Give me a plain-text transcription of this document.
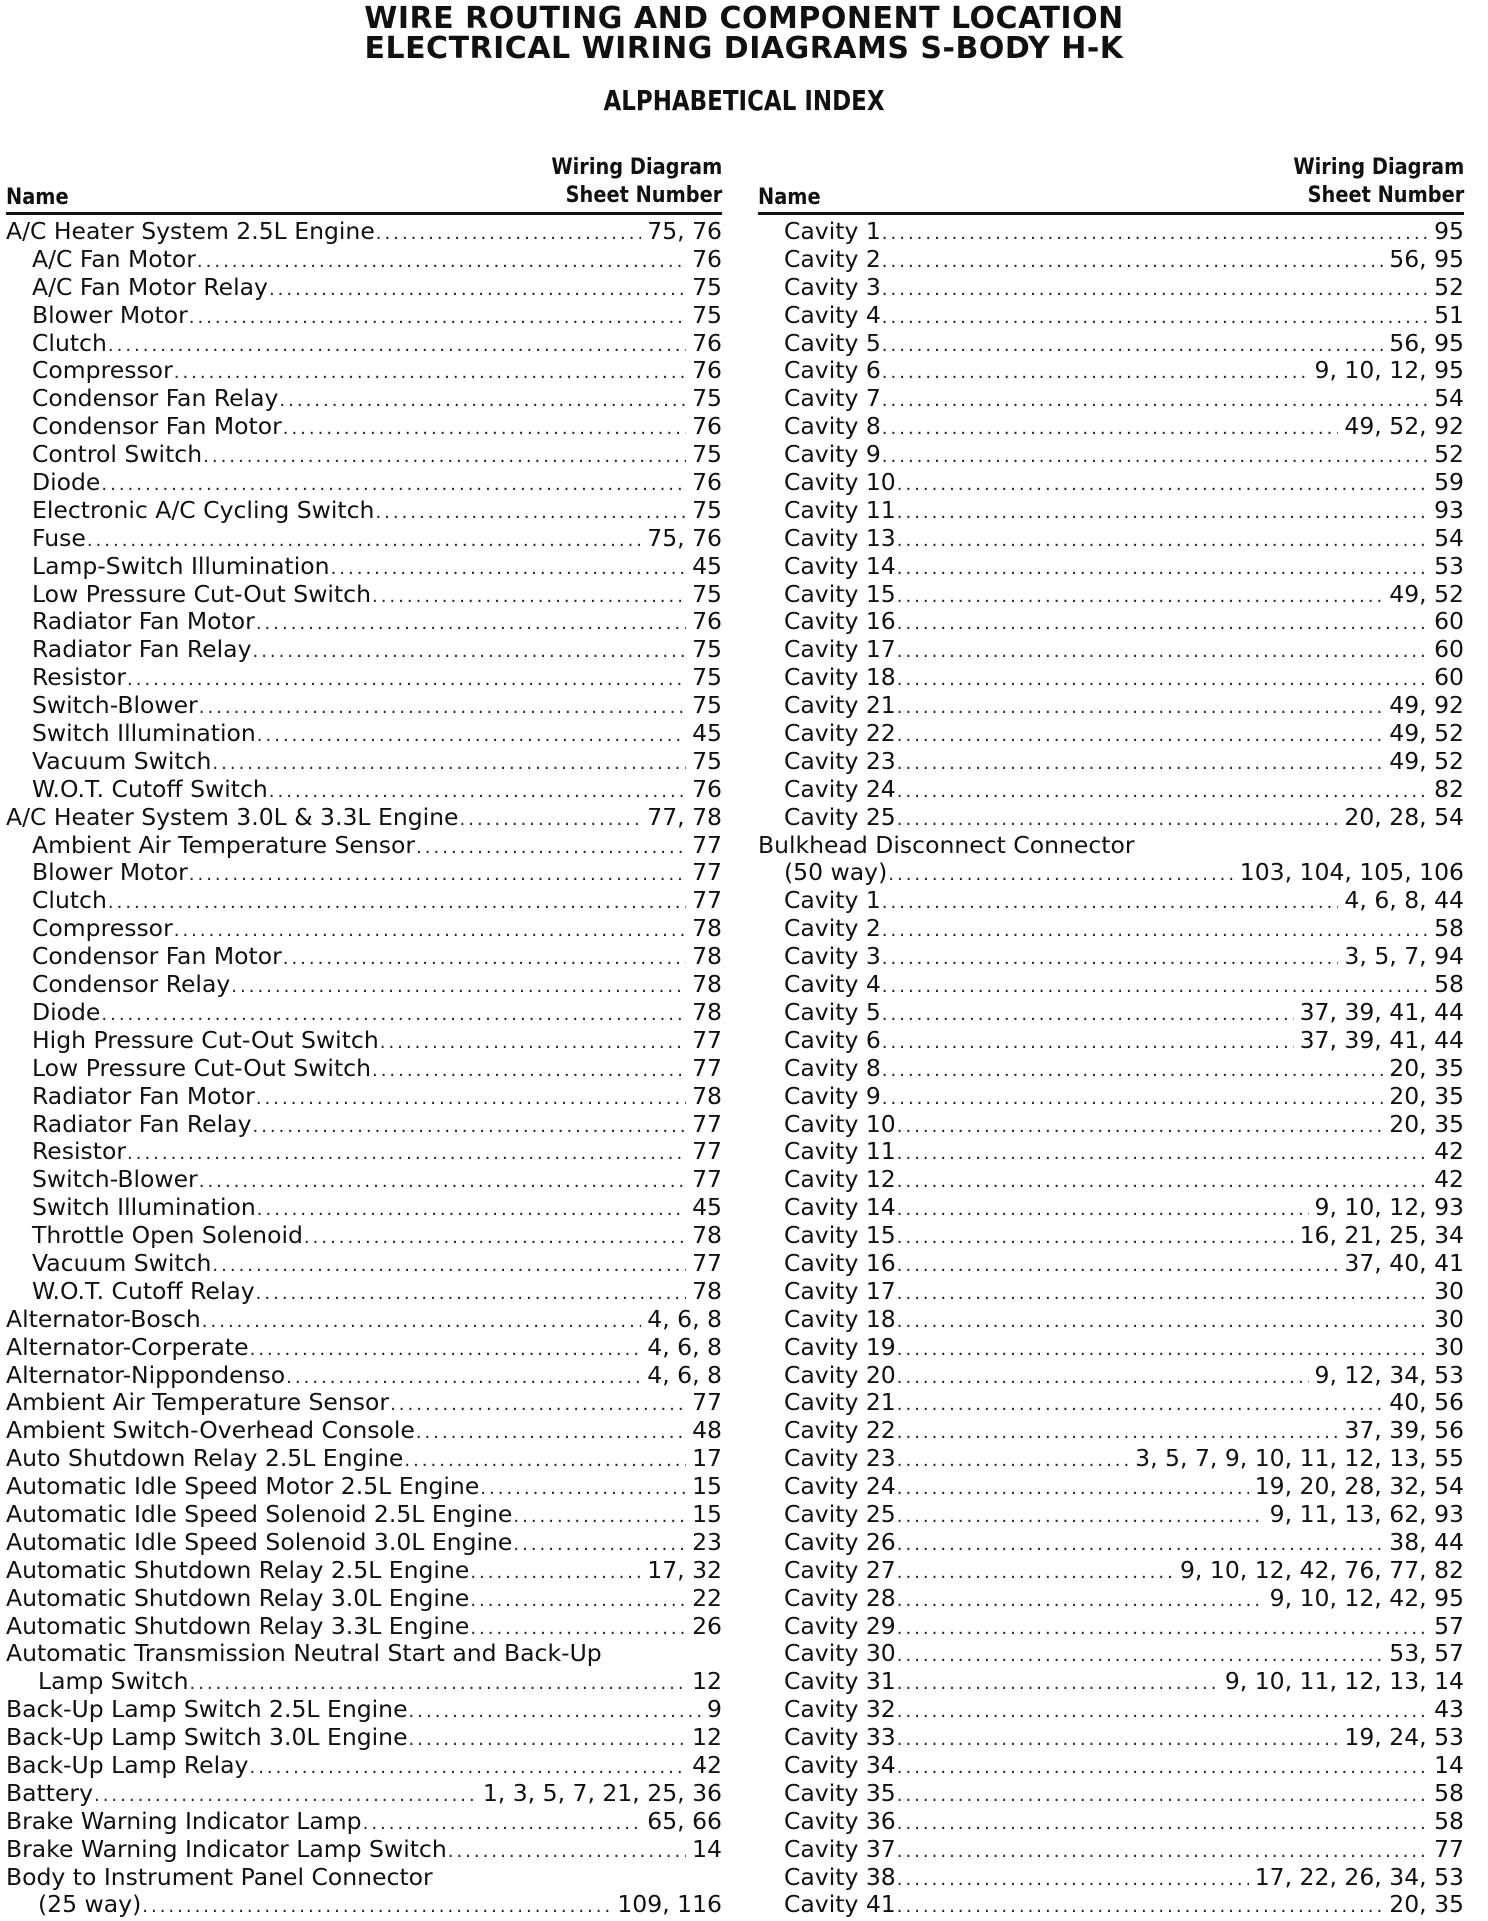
WIRE ROUTING AND COMPONENT LOCATION
ELECTRICAL WIRING DIAGRAMS S-BODY H-K
ALPHABETICAL INDEX
Name
Wiring Diagram
Sheet Number
A/C Heater System 2.5L Engine .....	75, 76
A/C Fan Motor .....	76
A/C Fan Motor Relay .....	75
Blower Motor .....	75
Clutch .....	76
Compressor .....	76
Condensor Fan Relay .....	75
Condensor Fan Motor .....	76
Control Switch .....	75
Diode .....	76
Electronic A/C Cycling Switch .....	75
Fuse .....	75, 76
Lamp-Switch Illumination .....	45
Low Pressure Cut-Out Switch .....	75
Radiator Fan Motor .....	76
Radiator Fan Relay .....	75
Resistor .....	75
Switch-Blower .....	75
Switch Illumination .....	45
Vacuum Switch .....	75
W.O.T. Cutoff Switch .....	76
A/C Heater System 3.0L & 3.3L Engine .....	77, 78
Ambient Air Temperature Sensor .....	77
Blower Motor .....	77
Clutch .....	77
Compressor .....	78
Condensor Fan Motor .....	78
Condensor Relay .....	78
Diode .....	78
High Pressure Cut-Out Switch .....	77
Low Pressure Cut-Out Switch .....	77
Radiator Fan Motor .....	78
Radiator Fan Relay .....	77
Resistor .....	77
Switch-Blower .....	77
Switch Illumination .....	45
Throttle Open Solenoid .....	78
Vacuum Switch .....	77
W.O.T. Cutoff Relay .....	78
Alternator-Bosch .....	4, 6, 8
Alternator-Corperate .....	4, 6, 8
Alternator-Nippondenso .....	4, 6, 8
Ambient Air Temperature Sensor .....	77
Ambient Switch-Overhead Console .....	48
Auto Shutdown Relay 2.5L Engine .....	17
Automatic Idle Speed Motor 2.5L Engine .....	15
Automatic Idle Speed Solenoid 2.5L Engine .....	15
Automatic Idle Speed Solenoid 3.0L Engine .....	23
Automatic Shutdown Relay 2.5L Engine .....	17, 32
Automatic Shutdown Relay 3.0L Engine .....	22
Automatic Shutdown Relay 3.3L Engine .....	26
Automatic Transmission Neutral Start and Back-Up
Lamp Switch .....	12
Back-Up Lamp Switch 2.5L Engine .....	9
Back-Up Lamp Switch 3.0L Engine .....	12
Back-Up Lamp Relay .....	42
Battery .....	1, 3, 5, 7, 21, 25, 36
Brake Warning Indicator Lamp .....	65, 66
Brake Warning Indicator Lamp Switch .....	14
Body to Instrument Panel Connector
(25 way) .....	109, 116
Name
Wiring Diagram
Sheet Number
Cavity 1 .....	95
Cavity 2 .....	56, 95
Cavity 3 .....	52
Cavity 4 .....	51
Cavity 5 .....	56, 95
Cavity 6 .....	9, 10, 12, 95
Cavity 7 .....	54
Cavity 8 .....	49, 52, 92
Cavity 9 .....	52
Cavity 10 .....	59
Cavity 11 .....	93
Cavity 13 .....	54
Cavity 14 .....	53
Cavity 15 .....	49, 52
Cavity 16 .....	60
Cavity 17 .....	60
Cavity 18 .....	60
Cavity 21 .....	49, 92
Cavity 22 .....	49, 52
Cavity 23 .....	49, 52
Cavity 24 .....	82
Cavity 25 .....	20, 28, 54
Bulkhead Disconnect Connector
(50 way) .....	103, 104, 105, 106
Cavity 1 .....	4, 6, 8, 44
Cavity 2 .....	58
Cavity 3 .....	3, 5, 7, 94
Cavity 4 .....	58
Cavity 5 .....	37, 39, 41, 44
Cavity 6 .....	37, 39, 41, 44
Cavity 8 .....	20, 35
Cavity 9 .....	20, 35
Cavity 10 .....	20, 35
Cavity 11 .....	42
Cavity 12 .....	42
Cavity 14 .....	9, 10, 12, 93
Cavity 15 .....	16, 21, 25, 34
Cavity 16 .....	37, 40, 41
Cavity 17 .....	30
Cavity 18 .....	30
Cavity 19 .....	30
Cavity 20 .....	9, 12, 34, 53
Cavity 21 .....	40, 56
Cavity 22 .....	37, 39, 56
Cavity 23 .....	3, 5, 7, 9, 10, 11, 12, 13, 55
Cavity 24 .....	19, 20, 28, 32, 54
Cavity 25 .....	9, 11, 13, 62, 93
Cavity 26 .....	38, 44
Cavity 27 .....	9, 10, 12, 42, 76, 77, 82
Cavity 28 .....	9, 10, 12, 42, 95
Cavity 29 .....	57
Cavity 30 .....	53, 57
Cavity 31 .....	9, 10, 11, 12, 13, 14
Cavity 32 .....	43
Cavity 33 .....	19, 24, 53
Cavity 34 .....	14
Cavity 35 .....	58
Cavity 36 .....	58
Cavity 37 .....	77
Cavity 38 .....	17, 22, 26, 34, 53
Cavity 41 .....	20, 35
